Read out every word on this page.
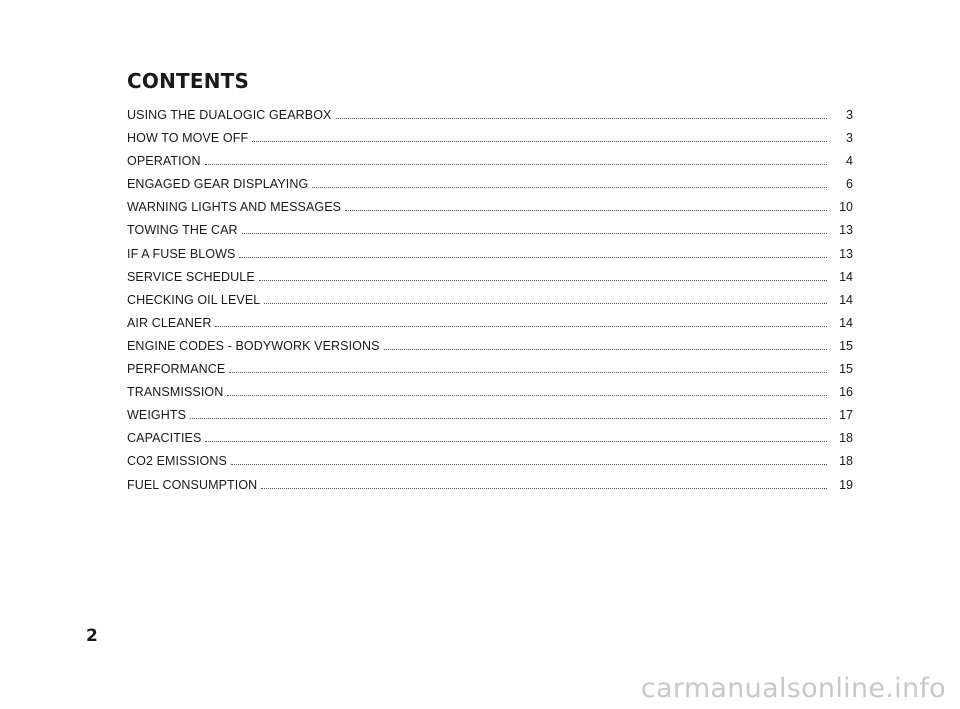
CONTENTS
USING THE DUALOGIC GEARBOX	3
HOW TO MOVE OFF	3
OPERATION	4
ENGAGED GEAR DISPLAYING	6
WARNING LIGHTS AND MESSAGES	10
TOWING THE CAR	13
IF A FUSE BLOWS	13
SERVICE SCHEDULE	14
CHECKING OIL LEVEL	14
AIR CLEANER	14
ENGINE CODES - BODYWORK VERSIONS	15
PERFORMANCE	15
TRANSMISSION	16
WEIGHTS	17
CAPACITIES	18
CO2 EMISSIONS	18
FUEL CONSUMPTION	19

2

carmanualsonline.info
